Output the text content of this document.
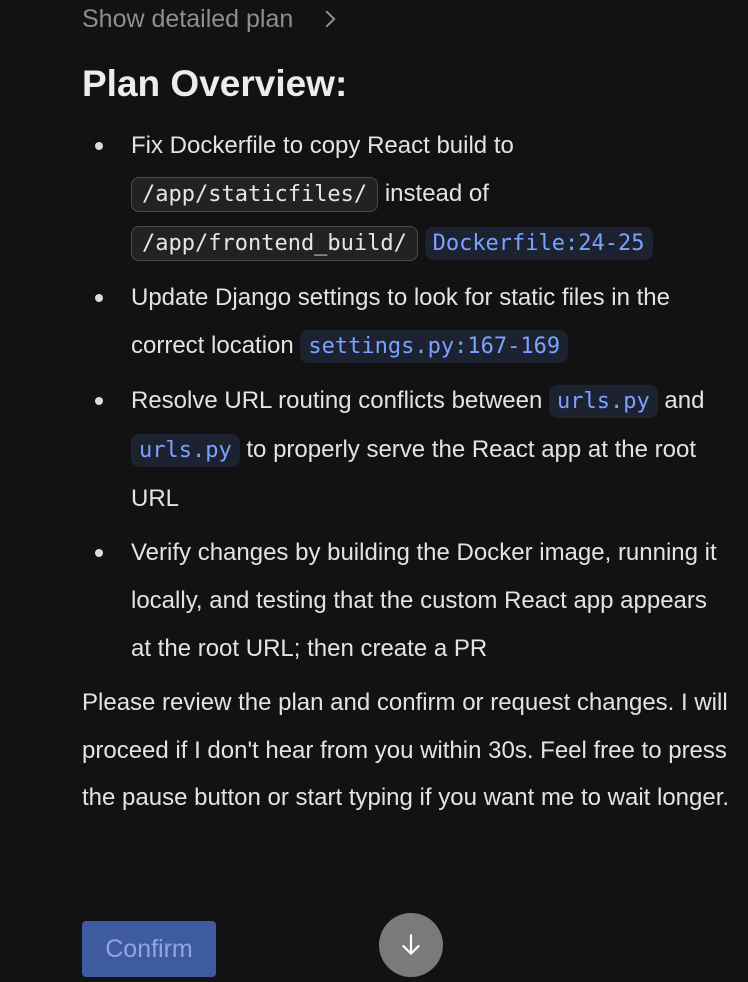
Show detailed plan
Plan Overview:
Fix Dockerfile to copy React build to /app/staticfiles/ instead of /app/frontend_build/ Dockerfile:24-25
Update Django settings to look for static files in the correct location settings.py:167-169
Resolve URL routing conflicts between urls.py and urls.py to properly serve the React app at the root URL
Verify changes by building the Docker image, running it locally, and testing that the custom React app appears at the root URL; then create a PR
Please review the plan and confirm or request changes. I will proceed if I don't hear from you within 30s. Feel free to press the pause button or start typing if you want me to wait longer.
Confirm
